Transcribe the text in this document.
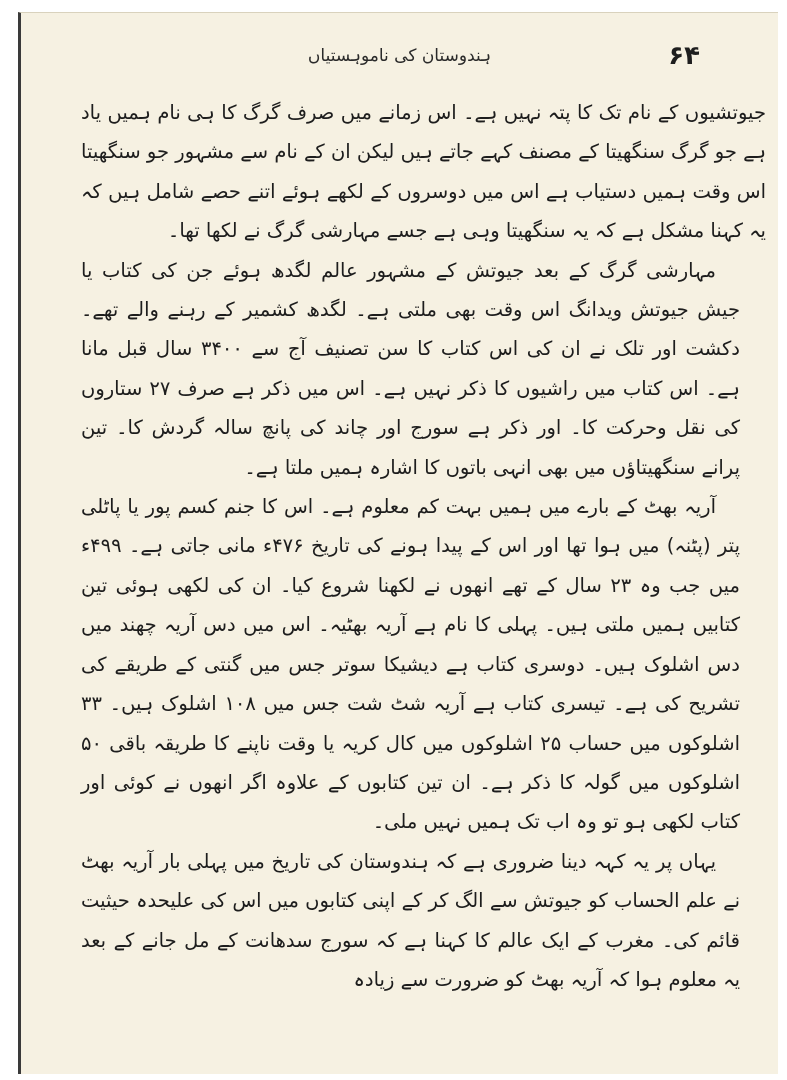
ہندوستان کی ناموہستیاں	۶۴

جیوتشیوں کے نام تک کا پتہ نہیں ہے۔ اس زمانے میں صرف گرگ کا ہی نام ہمیں یاد ہے جو گرگ سنگھیتا کے مصنف کہے جاتے ہیں لیکن ان کے نام سے مشہور جو سنگھیتا اس وقت ہمیں دستیاب ہے اس میں دوسروں کے لکھے ہوئے اتنے حصے شامل ہیں کہ یہ کہنا مشکل ہے کہ یہ سنگھیتا وہی ہے جسے مہارشی گرگ نے لکھا تھا۔

مہارشی گرگ کے بعد جیوتش کے مشہور عالم لگدھ ہوئے جن کی کتاب یا جیش جیوتش ویدانگ اس وقت بھی ملتی ہے۔ لگدھ کشمیر کے رہنے والے تھے۔ دکشت اور تلک نے ان کی اس کتاب کا سن تصنیف آج سے ۳۴۰۰ سال قبل مانا ہے۔ اس کتاب میں راشیوں کا ذکر نہیں ہے۔ اس میں ذکر ہے صرف ۲۷ ستاروں کی نقل وحرکت کا۔ اور ذکر ہے سورج اور چاند کی پانچ سالہ گردش کا۔ تین پرانے سنگھیتاؤں میں بھی انہی باتوں کا اشارہ ہمیں ملتا ہے۔

آریہ بھٹ کے بارے میں ہمیں بہت کم معلوم ہے۔ اس کا جنم کسم پور یا پاٹلی پتر (پٹنہ) میں ہوا تھا اور اس کے پیدا ہونے کی تاریخ ۴۷۶ء مانی جاتی ہے۔ ۴۹۹ء میں جب وہ ۲۳ سال کے تھے انھوں نے لکھنا شروع کیا۔ ان کی لکھی ہوئی تین کتابیں ہمیں ملتی ہیں۔ پہلی کا نام ہے آریہ بھٹیہ۔ اس میں دس آریہ چھند میں دس اشلوک ہیں۔ دوسری کتاب ہے دیشیکا سوتر جس میں گنتی کے طریقے کی تشریح کی ہے۔ تیسری کتاب ہے آریہ شٹ شت جس میں ۱۰۸ اشلوک ہیں۔ ۳۳ اشلوکوں میں حساب ۲۵ اشلوکوں میں کال کریہ یا وقت ناپنے کا طریقہ باقی ۵۰ اشلوکوں میں گولہ کا ذکر ہے۔ ان تین کتابوں کے علاوہ اگر انھوں نے کوئی اور کتاب لکھی ہو تو وہ اب تک ہمیں نہیں ملی۔

یہاں پر یہ کہہ دینا ضروری ہے کہ ہندوستان کی تاریخ میں پہلی بار آریہ بھٹ نے علم الحساب کو جیوتش سے الگ کر کے اپنی کتابوں میں اس کی علیحدہ حیثیت قائم کی۔ مغرب کے ایک عالم کا کہنا ہے کہ سورج سدھانت کے مل جانے کے بعد یہ معلوم ہوا کہ آریہ بھٹ کو ضرورت سے زیادہ
